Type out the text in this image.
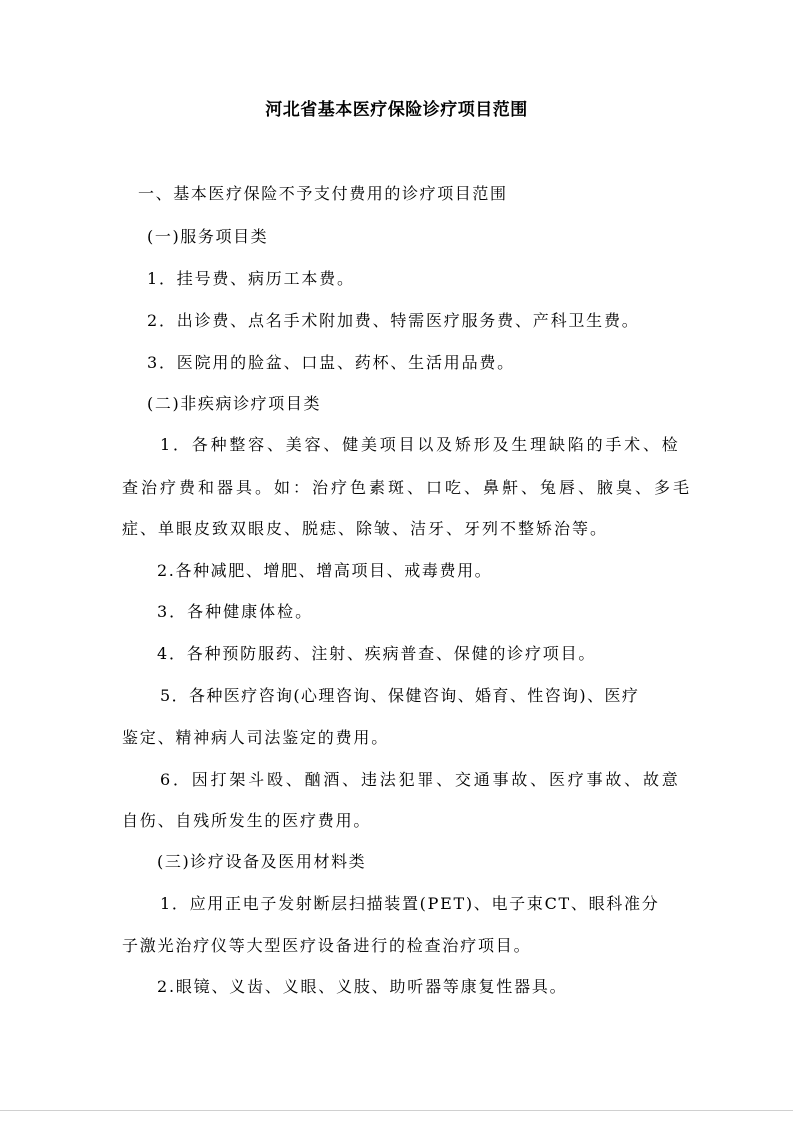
河北省基本医疗保险诊疗项目范围
一、基本医疗保险不予支付费用的诊疗项目范围
(一)服务项目类
1．挂号费、病历工本费。
2．出诊费、点名手术附加费、特需医疗服务费、产科卫生费。
3．医院用的脸盆、口盅、药杯、生活用品费。
(二)非疾病诊疗项目类
1．各种整容、美容、健美项目以及矫形及生理缺陷的手术、检
查治疗费和器具。如：治疗色素斑、口吃、鼻鼾、兔唇、腋臭、多毛
症、单眼皮致双眼皮、脱痣、除皱、洁牙、牙列不整矫治等。
2.各种减肥、增肥、增高项目、戒毒费用。
3．各种健康体检。
4．各种预防服药、注射、疾病普查、保健的诊疗项目。
5．各种医疗咨询(心理咨询、保健咨询、婚育、性咨询)、医疗
鉴定、精神病人司法鉴定的费用。
6．因打架斗殴、酗酒、违法犯罪、交通事故、医疗事故、故意
自伤、自残所发生的医疗费用。
(三)诊疗设备及医用材料类
1．应用正电子发射断层扫描装置(PET)、电子束CT、眼科准分
子激光治疗仪等大型医疗设备进行的检查治疗项目。
2.眼镜、义齿、义眼、义肢、助听器等康复性器具。
